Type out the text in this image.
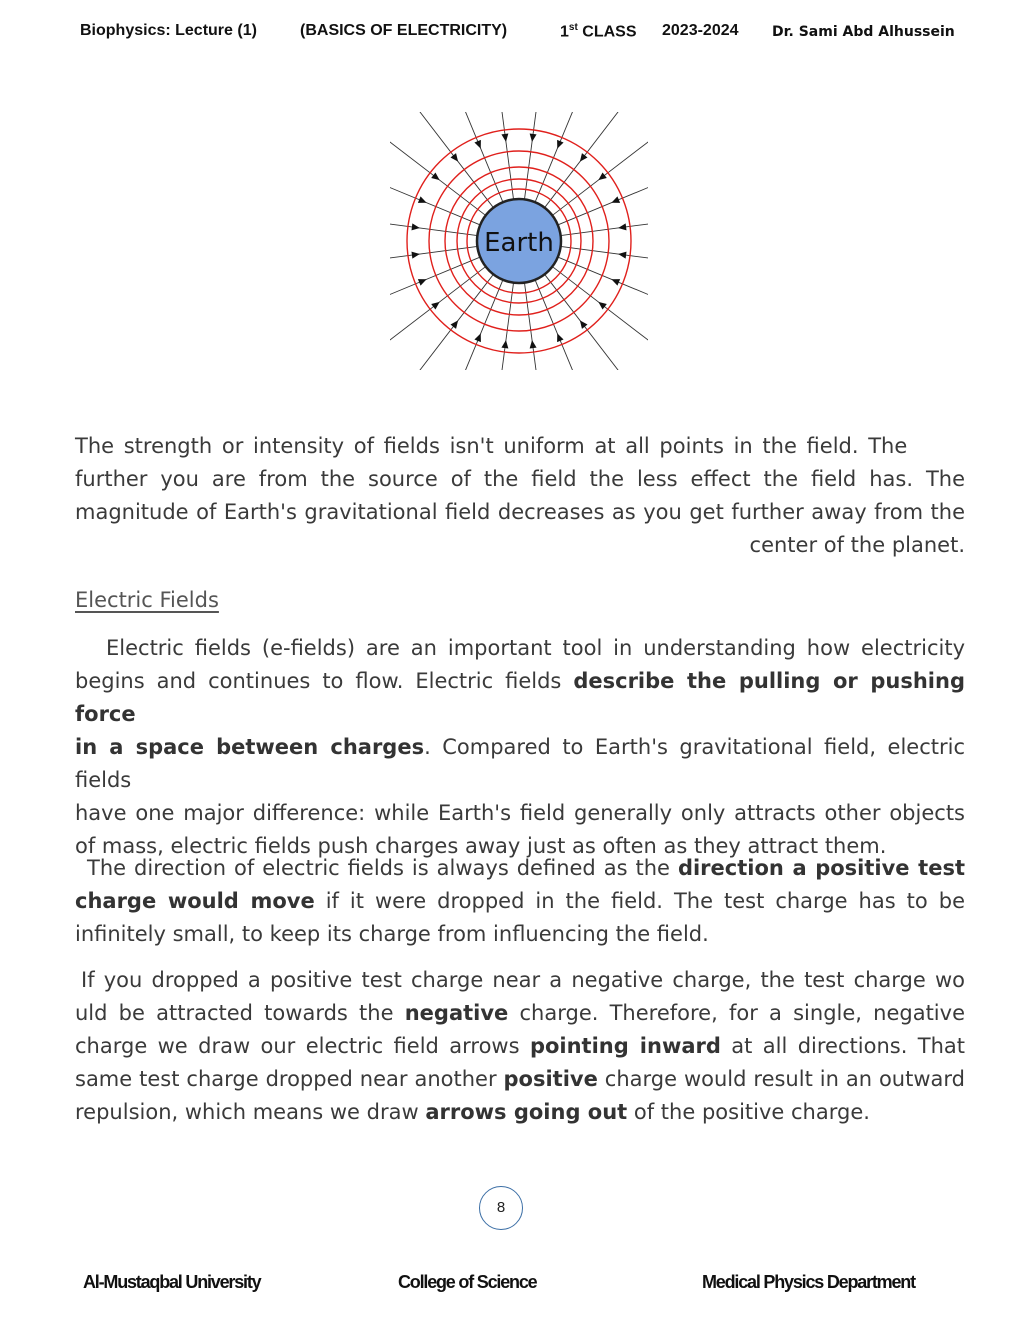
Biophysics: Lecture (1)	(BASICS OF ELECTRICITY)	1st CLASS 2023-2024 Dr. Sami Abd Alhussein
Earth
The strength or intensity of fields isn't uniform at all points in the field. The
further you are from the source of the field the less effect the field has. The
magnitude of Earth's gravitational field decreases as you get further away from the
center of the planet.
Electric Fields
Electric fields (e-fields) are an important tool in understanding how electricity
begins and continues to flow. Electric fields describe the pulling or pushing force
in a space between charges. Compared to Earth's gravitational field, electric fields
have one major difference: while Earth's field generally only attracts other objects
of mass, electric fields push charges away just as often as they attract them.
The direction of electric fields is always defined as the direction a positive test
charge would move if it were dropped in the field. The test charge has to be
infinitely small, to keep its charge from influencing the field.
If you dropped a positive test charge near a negative charge, the test charge wo
uld be attracted towards the negative charge. Therefore, for a single, negative
charge we draw our electric field arrows pointing inward at all directions. That
same test charge dropped near another positive charge would result in an outward
repulsion, which means we draw arrows going out of the positive charge.
8
Al-Mustaqbal University	College of Science	Medical Physics Department
